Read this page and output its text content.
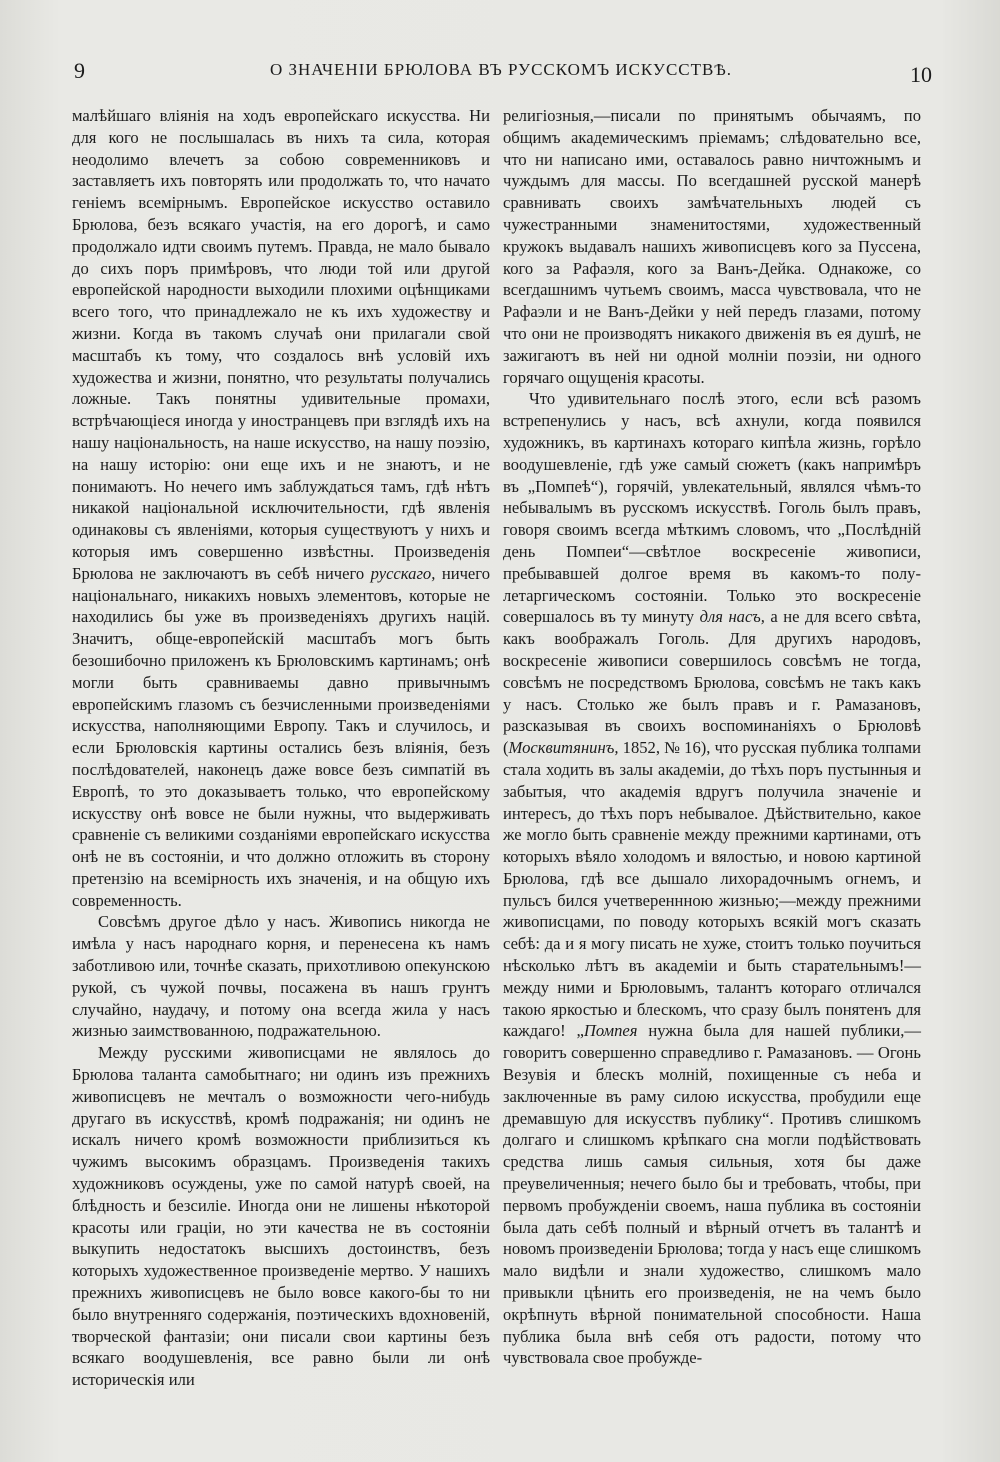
9	О ЗНАЧЕНІИ БРЮЛОВА ВЪ РУССКОМЪ ИСКУССТВѢ.	10

малѣйшаго вліянія на ходъ европейскаго искусства. Ни для кого не послышалась въ нихъ та сила, которая неодолимо влечетъ за собою современниковъ и заставляетъ ихъ повторять или продолжать то, что начато геніемъ всемірнымъ. Европейское искусство оставило Брюлова, безъ всякаго участія, на его дорогѣ, и само продолжало идти своимъ путемъ. Правда, не мало бывало до сихъ поръ примѣровъ, что люди той или другой европейской народности выходили плохими оцѣнщиками всего того, что принадлежало не къ ихъ художеству и жизни. Когда въ такомъ случаѣ они прилагали свой масштабъ къ тому, что создалось внѣ условій ихъ художества и жизни, понятно, что результаты получались ложные. Такъ понятны удивительные промахи, встрѣчающіеся иногда у иностранцевъ при взглядѣ ихъ на нашу національность, на наше искусство, на нашу поэзію, на нашу исторію: они еще ихъ и не знаютъ, и не понимаютъ. Но нечего имъ заблуждаться тамъ, гдѣ нѣтъ никакой національной исключительности, гдѣ явленія одинаковы съ явленіями, которыя существуютъ у нихъ и которыя имъ совершенно извѣстны. Произведенія Брюлова не заключаютъ въ себѣ ничего русскаго, ничего національнаго, никакихъ новыхъ элементовъ, которые не находились бы уже въ произведеніяхъ другихъ націй. Значитъ, обще-европейскій масштабъ могъ быть безошибочно приложенъ къ Брюловскимъ картинамъ; онѣ могли быть сравниваемы давно привычнымъ европейскимъ глазомъ съ безчисленными произведеніями искусства, наполняющими Европу. Такъ и случилось, и если Брюловскія картины остались безъ вліянія, безъ послѣдователей, наконецъ даже вовсе безъ симпатій въ Европѣ, то это доказываетъ только, что европейскому искусству онѣ вовсе не были нужны, что выдерживать сравненіе съ великими созданіями европейскаго искусства онѣ не въ состояніи, и что должно отложить въ сторону претензію на всемірность ихъ значенія, и на общую ихъ современность.

Совсѣмъ другое дѣло у насъ. Живопись никогда не имѣла у насъ народнаго корня, и перенесена къ намъ заботливою или, точнѣе сказать, прихотливою опекунскою рукой, съ чужой почвы, посажена въ нашъ грунтъ случайно, наудачу, и потому она всегда жила у насъ жизнью заимствованною, подражательною.

Между русскими живописцами не являлось до Брюлова таланта самобытнаго; ни одинъ изъ прежнихъ живописцевъ не мечталъ о возможности чего-нибудь другаго въ искусствѣ, кромѣ подражанія; ни одинъ не искалъ ничего кромѣ возможности приблизиться къ чужимъ высокимъ образцамъ. Произведенія такихъ художниковъ осуждены, уже по самой натурѣ своей, на блѣдность и безсиліе. Иногда они не лишены нѣкоторой красоты или граціи, но эти качества не въ состояніи выкупить недостатокъ высшихъ достоинствъ, безъ которыхъ художественное произведеніе мертво. У нашихъ прежнихъ живописцевъ не было вовсе какого-бы то ни было внутренняго содержанія, поэтическихъ вдохновеній, творческой фантазіи; они писали свои картины безъ всякаго воодушевленія, все равно были ли онѣ историческія или

религіозныя,—писали по принятымъ обычаямъ, по общимъ академическимъ пріемамъ; слѣдовательно все, что ни написано ими, оставалось равно ничтожнымъ и чуждымъ для массы. По всегдашней русской манерѣ сравнивать своихъ замѣчательныхъ людей съ чужестранными знаменитостями, художественный кружокъ выдавалъ нашихъ живописцевъ кого за Пуссена, кого за Рафаэля, кого за Ванъ-Дейка. Однакоже, со всегдашнимъ чутьемъ своимъ, масса чувствовала, что не Рафаэли и не Ванъ-Дейки у ней передъ глазами, потому что они не производятъ никакого движенія въ ея душѣ, не зажигаютъ въ ней ни одной молніи поэзіи, ни одного горячаго ощущенія красоты.

Что удивительнаго послѣ этого, если всѣ разомъ встрепенулись у насъ, всѣ ахнули, когда появился художникъ, въ картинахъ котораго кипѣла жизнь, горѣло воодушевленіе, гдѣ уже самый сюжетъ (какъ напримѣръ въ „Помпеѣ“), горячій, увлекательный, являлся чѣмъ-то небывалымъ въ русскомъ искусствѣ. Гоголь былъ правъ, говоря своимъ всегда мѣткимъ словомъ, что „Послѣдній день Помпеи“—свѣтлое воскресеніе живописи, пребывавшей долгое время въ какомъ-то полу-летаргическомъ состояніи. Только это воскресеніе совершалось въ ту минуту для насъ, а не для всего свѣта, какъ воображалъ Гоголь. Для другихъ народовъ, воскресеніе живописи совершилось совсѣмъ не тогда, совсѣмъ не посредствомъ Брюлова, совсѣмъ не такъ какъ у насъ. Столько же былъ правъ и г. Рамазановъ, разсказывая въ своихъ воспоминаніяхъ о Брюловѣ (Москвитянинъ, 1852, № 16), что русская публика толпами стала ходить въ залы академіи, до тѣхъ поръ пустынныя и забытыя, что академія вдругъ получила значеніе и интересъ, до тѣхъ поръ небывалое. Дѣйствительно, какое же могло быть сравненіе между прежними картинами, отъ которыхъ вѣяло холодомъ и вялостью, и новою картиной Брюлова, гдѣ все дышало лихорадочнымъ огнемъ, и пульсъ бился учетвереннною жизнью;—между прежними живописцами, по поводу которыхъ всякій могъ сказать себѣ: да и я могу писать не хуже, стоитъ только поучиться нѣсколько лѣтъ въ академіи и быть старательнымъ!—между ними и Брюловымъ, талантъ котораго отличался такою яркостью и блескомъ, что сразу былъ понятенъ для каждаго! „Помпея нужна была для нашей публики,—говоритъ совершенно справедливо г. Рамазановъ. — Огонь Везувія и блескъ молній, похищенные съ неба и заключенные въ раму силою искусства, пробудили еще дремавшую для искусствъ публику“. Противъ слишкомъ долгаго и слишкомъ крѣпкаго сна могли подѣйствовать средства лишь самыя сильныя, хотя бы даже преувеличенныя; нечего было бы и требовать, чтобы, при первомъ пробужденіи своемъ, наша публика въ состояніи была дать себѣ полный и вѣрный отчетъ въ талантѣ и новомъ произведеніи Брюлова; тогда у насъ еще слишкомъ мало видѣли и знали художество, слишкомъ мало привыкли цѣнить его произведенія, не на чемъ было окрѣпнуть вѣрной понимательной способности. Наша публика была внѣ себя отъ радости, потому что чувствовала свое пробужде-
